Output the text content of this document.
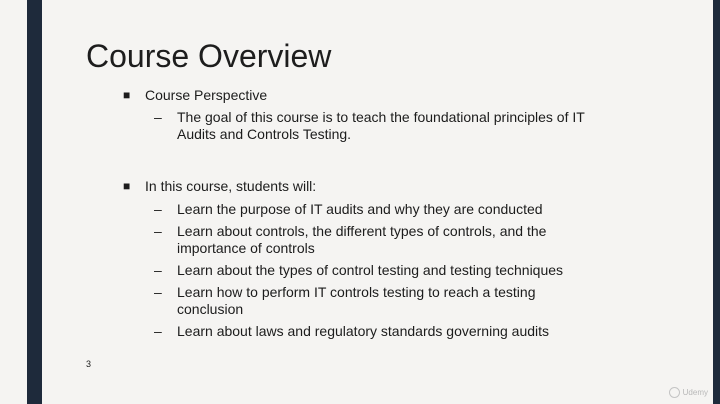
Course Overview
■	Course Perspective
–	The goal of this course is to teach the foundational principles of IT Audits and Controls Testing.
■	In this course, students will:
–	Learn the purpose of IT audits and why they are conducted
–	Learn about controls, the different types of controls, and the importance of controls
–	Learn about the types of control testing and testing techniques
–	Learn how to perform IT controls testing to reach a testing conclusion
–	Learn about laws and regulatory standards governing audits
3
Udemy
